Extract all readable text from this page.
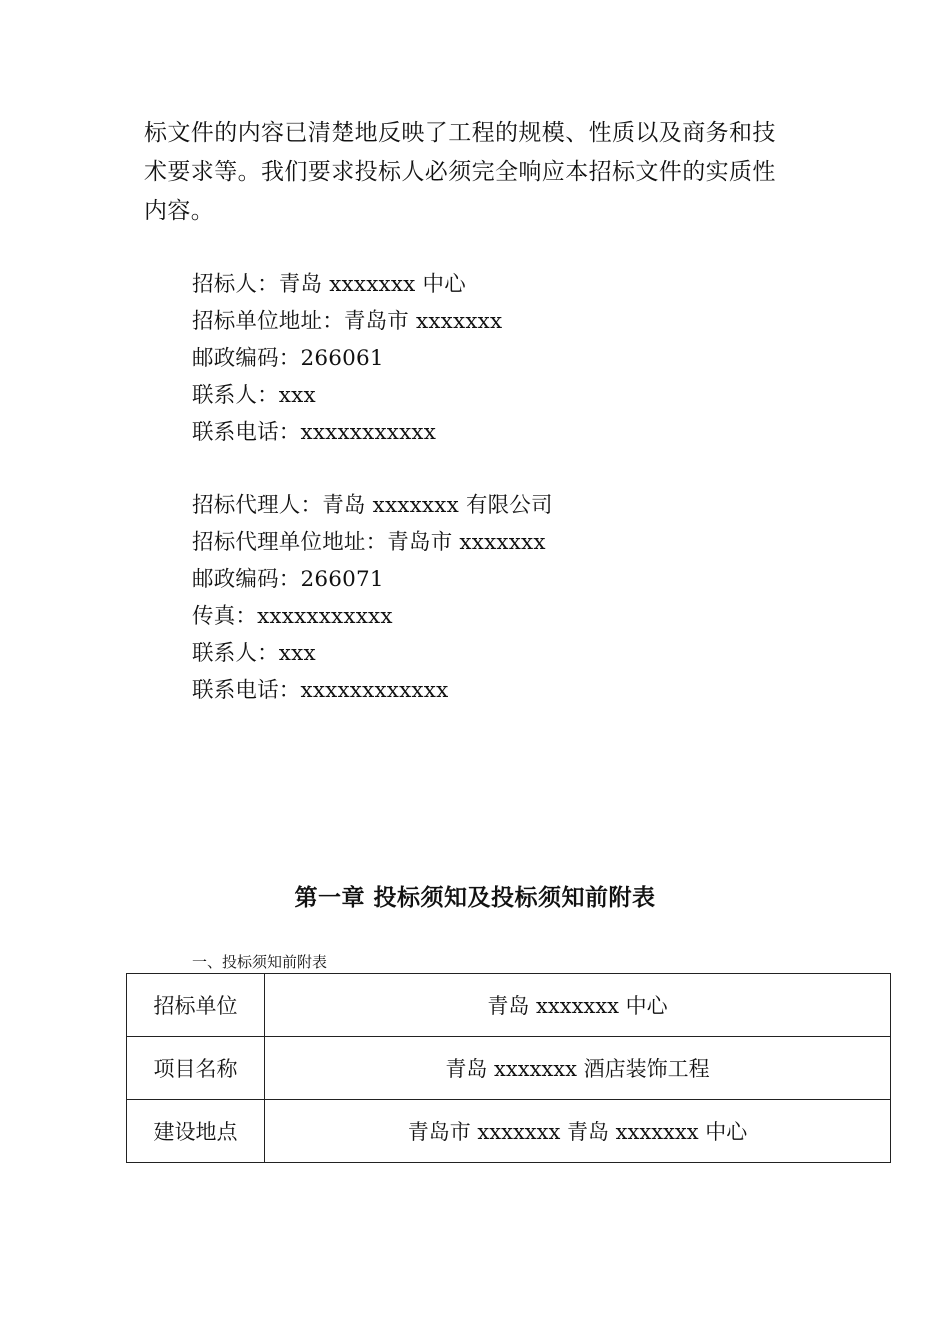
标文件的内容已清楚地反映了工程的规模、性质以及商务和技

术要求等。我们要求投标人必须完全响应本招标文件的实质性

内容。

招标人：青岛 xxxxxxx 中心

招标单位地址：青岛市 xxxxxxx

邮政编码：266061

联系人：xxx

联系电话：xxxxxxxxxxx

招标代理人：青岛 xxxxxxx 有限公司

招标代理单位地址：青岛市 xxxxxxx

邮政编码：266071

传真：xxxxxxxxxxx

联系人：xxx

联系电话：xxxxxxxxxxxx

第一章 投标须知及投标须知前附表

一、投标须知前附表

招标单位	青岛 xxxxxxx 中心
项目名称	青岛 xxxxxxx 酒店装饰工程
建设地点	青岛市 xxxxxxx 青岛 xxxxxxx 中心
